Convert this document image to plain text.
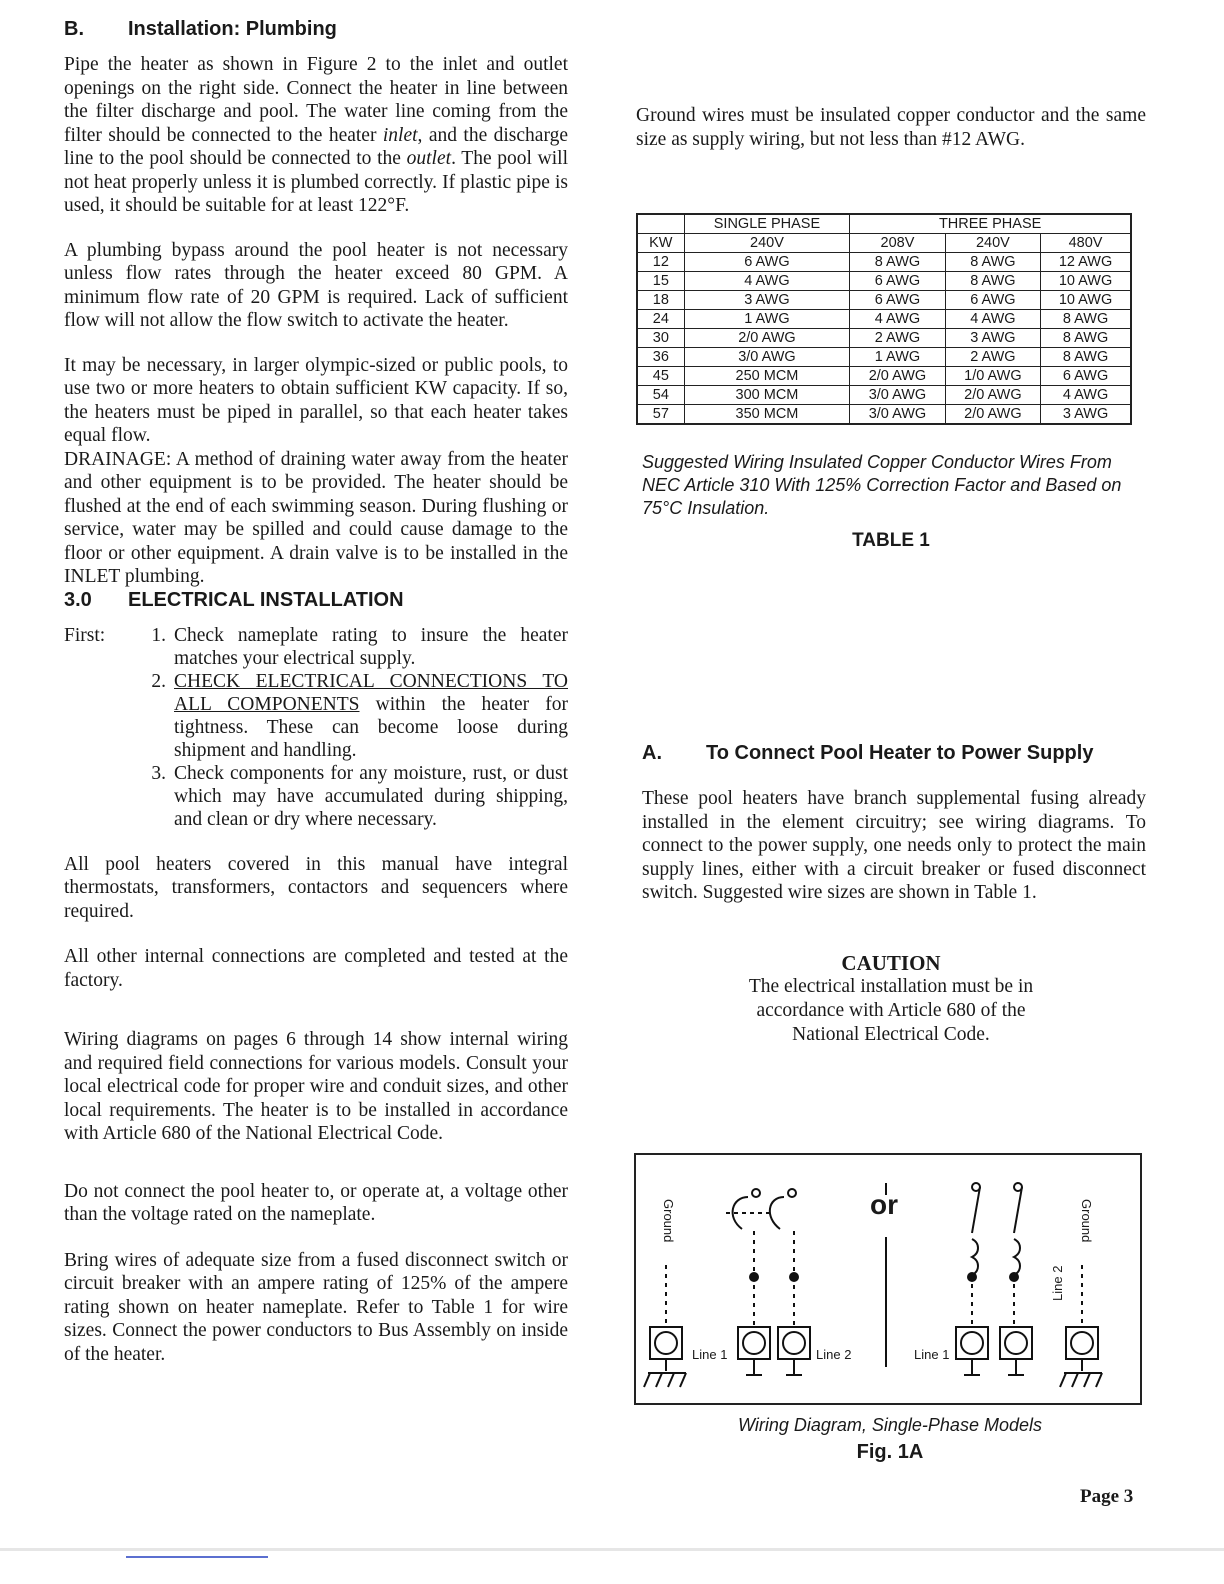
B.	Installation: Plumbing

Pipe the heater as shown in Figure 2 to the inlet and outlet openings on the right side. Connect the heater in line between the filter discharge and pool. The water line coming from the filter should be connected to the heater inlet, and the discharge line to the pool should be connected to the outlet. The pool will not heat properly unless it is plumbed correctly. If plastic pipe is used, it should be suitable for at least 122°F.

A plumbing bypass around the pool heater is not necessary unless flow rates through the heater exceed 80 GPM. A minimum flow rate of 20 GPM is required. Lack of sufficient flow will not allow the flow switch to activate the heater.

It may be necessary, in larger olympic-sized or public pools, to use two or more heaters to obtain sufficient KW capacity. If so, the heaters must be piped in parallel, so that each heater takes equal flow.

DRAINAGE: A method of draining water away from the heater and other equipment is to be provided. The heater should be flushed at the end of each swimming season. During flushing or service, water may be spilled and could cause damage to the floor or other equipment. A drain valve is to be installed in the INLET plumbing.

3.0	ELECTRICAL INSTALLATION
First:	1. Check nameplate rating to insure the heater matches your electrical supply.
2. CHECK ELECTRICAL CONNECTIONS TO ALL COMPONENTS within the heater for tightness. These can become loose during shipment and handling.
3. Check components for any moisture, rust, or dust which may have accumulated during shipping, and clean or dry where necessary.

All pool heaters covered in this manual have integral thermostats, transformers, contactors and sequencers where required.

All other internal connections are completed and tested at the factory.

Wiring diagrams on pages 6 through 14 show internal wiring and required field connections for various models. Consult your local electrical code for proper wire and conduit sizes, and other local requirements. The heater is to be installed in accordance with Article 680 of the National Electrical Code.

Do not connect the pool heater to, or operate at, a voltage other than the voltage rated on the nameplate.

Bring wires of adequate size from a fused disconnect switch or circuit breaker with an ampere rating of 125% of the ampere rating shown on heater nameplate. Refer to Table 1 for wire sizes. Connect the power conductors to Bus Assembly on inside of the heater.

Ground wires must be insulated copper conductor and the same size as supply wiring, but not less than #12 AWG.

	SINGLE PHASE	THREE PHASE		
KW	240V	208V	240V	480V
12	6 AWG	8 AWG	8 AWG	12 AWG
15	4 AWG	6 AWG	8 AWG	10 AWG
18	3 AWG	6 AWG	6 AWG	10 AWG
24	1 AWG	4 AWG	4 AWG	8 AWG
30	2/0 AWG	2 AWG	3 AWG	8 AWG
36	3/0 AWG	1 AWG	2 AWG	8 AWG
45	250 MCM	2/0 AWG	1/0 AWG	6 AWG
54	300 MCM	3/0 AWG	2/0 AWG	4 AWG
57	350 MCM	3/0 AWG	2/0 AWG	3 AWG
Suggested Wiring Insulated Copper Conductor Wires From NEC Article 310 With 125% Correction Factor and Based on 75°C Insulation.
TABLE 1
A.	To Connect Pool Heater to Power Supply

These pool heaters have branch supplemental fusing already installed in the element circuitry; see wiring diagrams. To connect to the power supply, one needs only to protect the main supply lines, either with a circuit breaker or fused disconnect switch. Suggested wire sizes are shown in Table 1.

CAUTION
The electrical installation must be in accordance with Article 680 of the National Electrical Code.
Ground	Ground
or
Line 1	Line 2	Line 1
Line 2
Wiring Diagram, Single-Phase Models
Fig. 1A
Page 3
